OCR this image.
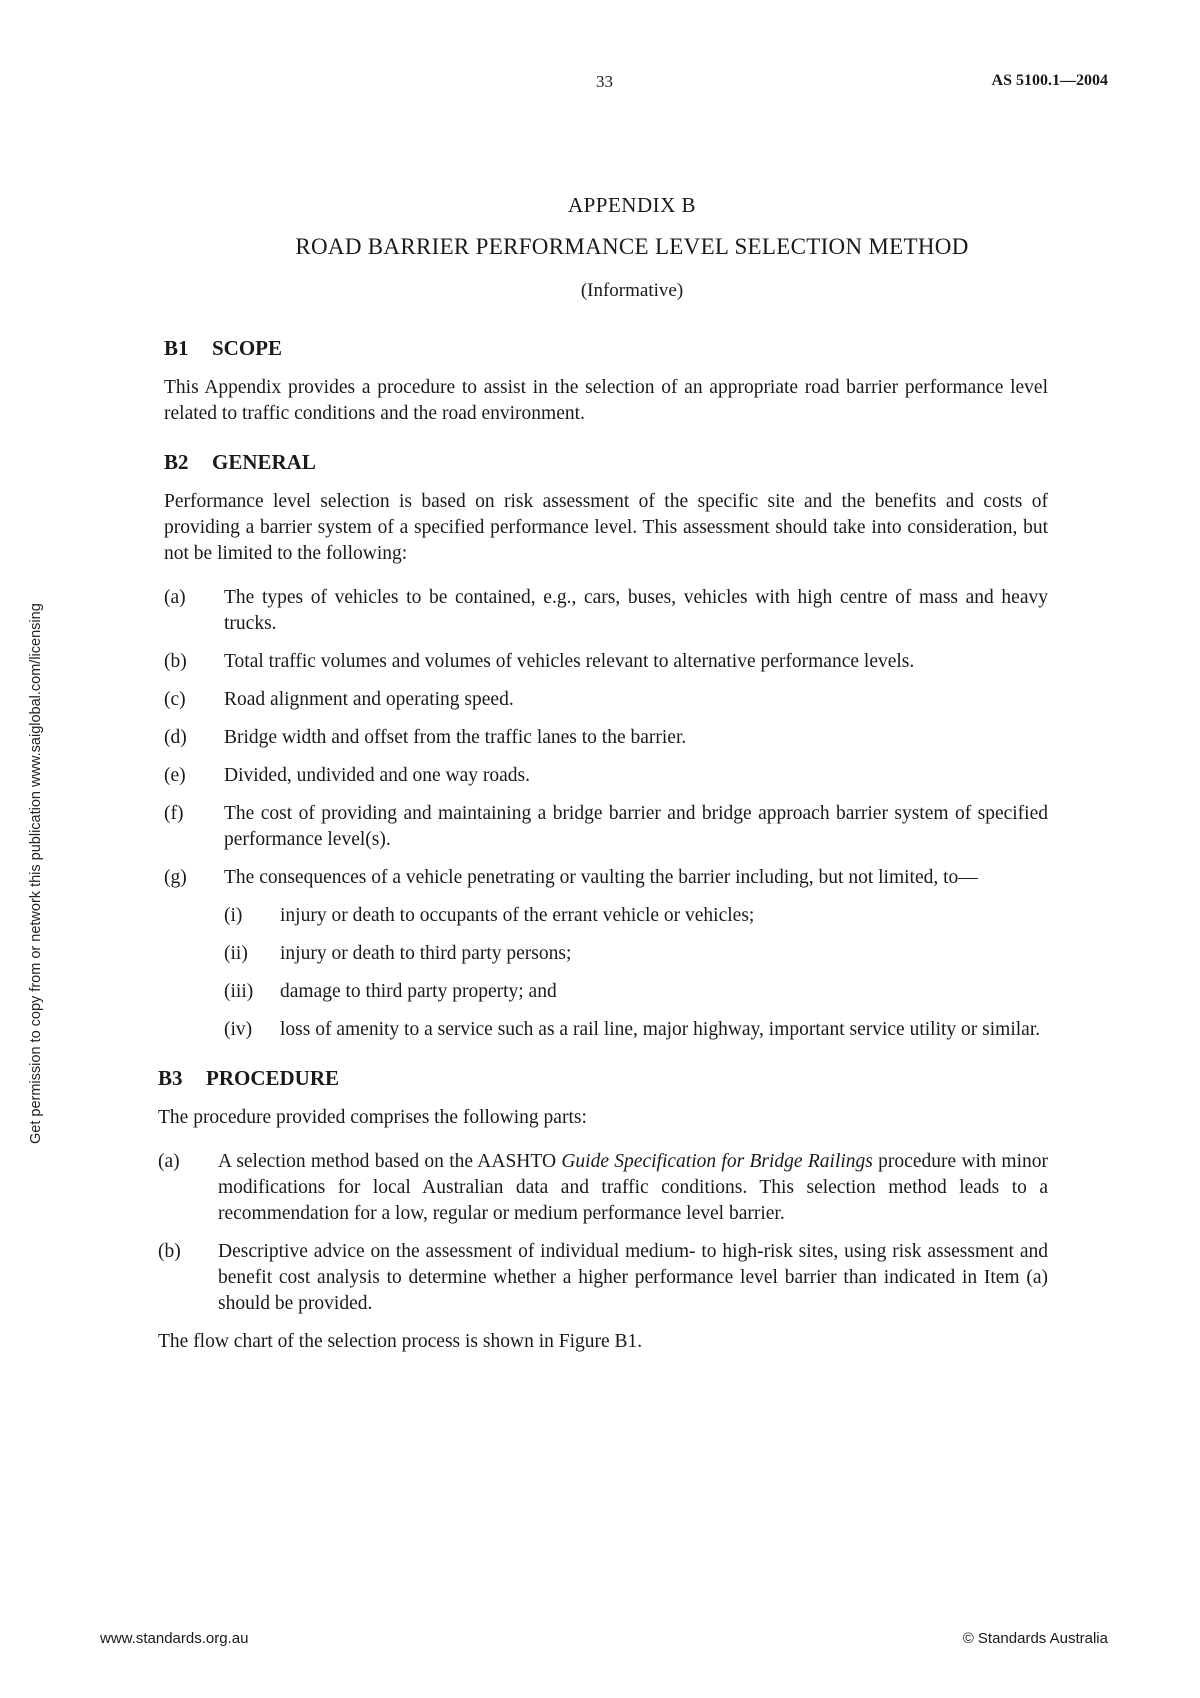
33	AS 5100.1—2004
Get permission to copy from or network this publication www.saiglobal.com/licensing
APPENDIX B
ROAD BARRIER PERFORMANCE LEVEL SELECTION METHOD
(Informative)
B1 SCOPE

This Appendix provides a procedure to assist in the selection of an appropriate road barrier performance level related to traffic conditions and the road environment.

B2 GENERAL

Performance level selection is based on risk assessment of the specific site and the benefits and costs of providing a barrier system of a specified performance level. This assessment should take into consideration, but not be limited to the following:

(a) The types of vehicles to be contained, e.g., cars, buses, vehicles with high centre of mass and heavy trucks.
(b) Total traffic volumes and volumes of vehicles relevant to alternative performance levels.
(c) Road alignment and operating speed.
(d) Bridge width and offset from the traffic lanes to the barrier.
(e) Divided, undivided and one way roads.
(f) The cost of providing and maintaining a bridge barrier and bridge approach barrier system of specified performance level(s).
(g) The consequences of a vehicle penetrating or vaulting the barrier including, but not limited, to—
(i) injury or death to occupants of the errant vehicle or vehicles;
(ii) injury or death to third party persons;
(iii) damage to third party property; and
(iv) loss of amenity to a service such as a rail line, major highway, important service utility or similar.
B3 PROCEDURE

The procedure provided comprises the following parts:

(a) A selection method based on the AASHTO Guide Specification for Bridge Railings procedure with minor modifications for local Australian data and traffic conditions. This selection method leads to a recommendation for a low, regular or medium performance level barrier.
(b) Descriptive advice on the assessment of individual medium- to high-risk sites, using risk assessment and benefit cost analysis to determine whether a higher performance level barrier than indicated in Item (a) should be provided.

The flow chart of the selection process is shown in Figure B1.

www.standards.org.au	© Standards Australia
